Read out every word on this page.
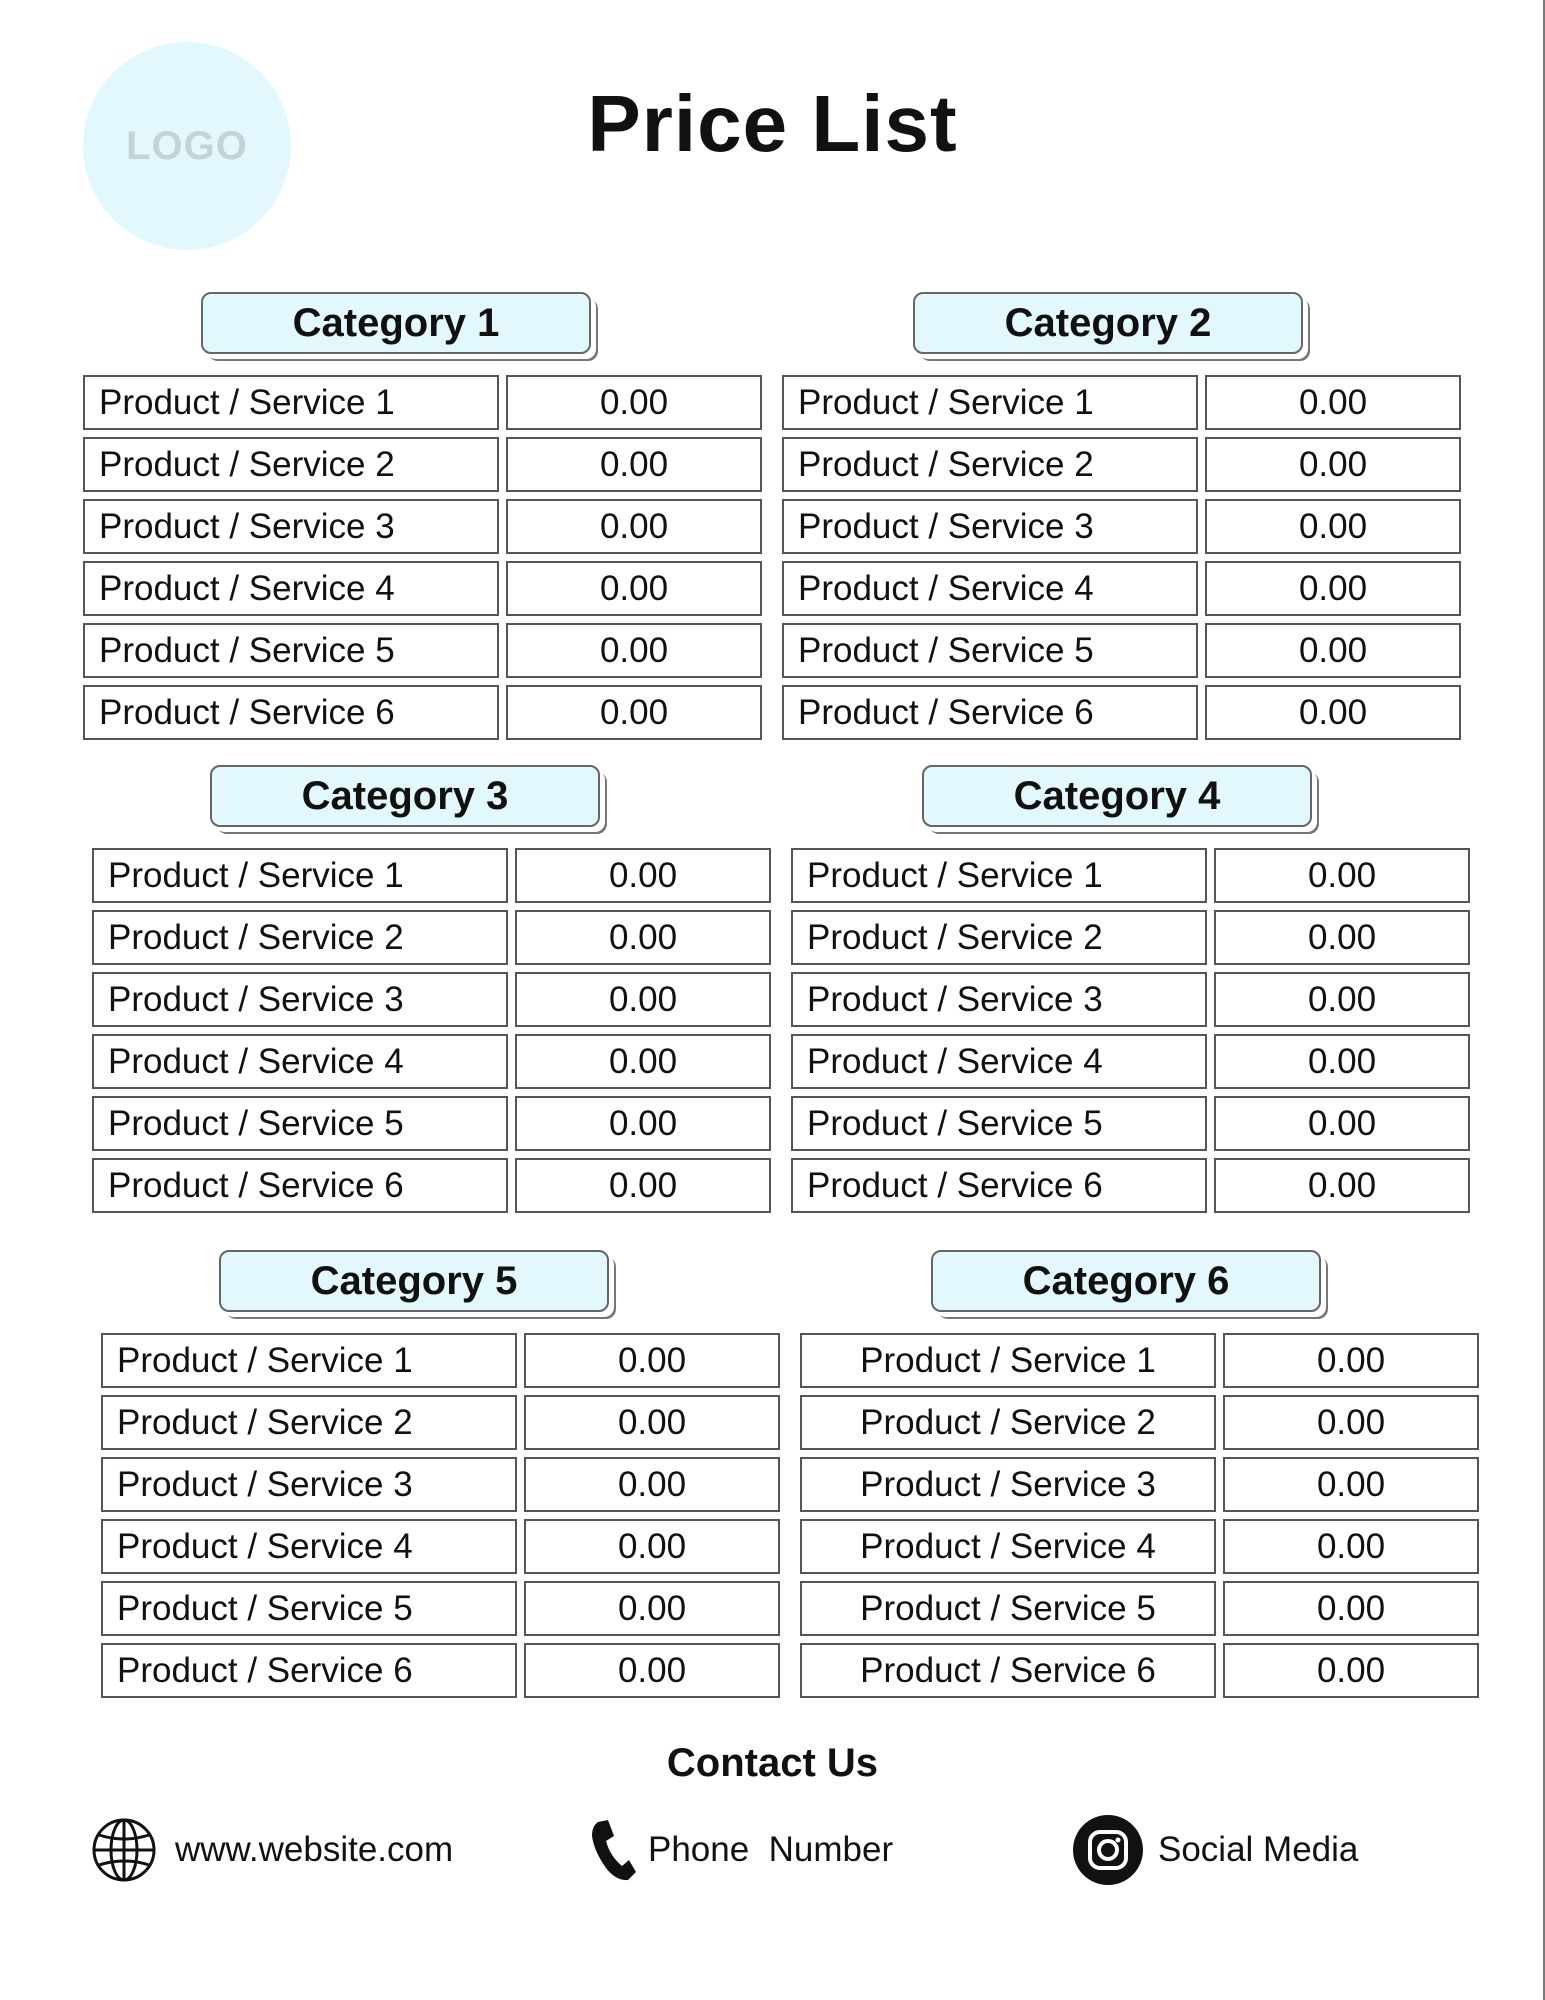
LOGO	Price List
Category 1
Product / Service 1	0.00
Product / Service 2	0.00
Product / Service 3	0.00
Product / Service 4	0.00
Product / Service 5	0.00
Product / Service 6	0.00
Category 2
Product / Service 1	0.00
Product / Service 2	0.00
Product / Service 3	0.00
Product / Service 4	0.00
Product / Service 5	0.00
Product / Service 6	0.00
Category 3
Product / Service 1	0.00
Product / Service 2	0.00
Product / Service 3	0.00
Product / Service 4	0.00
Product / Service 5	0.00
Product / Service 6	0.00
Category 4
Product / Service 1	0.00
Product / Service 2	0.00
Product / Service 3	0.00
Product / Service 4	0.00
Product / Service 5	0.00
Product / Service 6	0.00
Category 5
Product / Service 1	0.00
Product / Service 2	0.00
Product / Service 3	0.00
Product / Service 4	0.00
Product / Service 5	0.00
Product / Service 6	0.00
Category 6
Product / Service 1	0.00
Product / Service 2	0.00
Product / Service 3	0.00
Product / Service 4	0.00
Product / Service 5	0.00
Product / Service 6	0.00
Contact Us
www.website.com	Phone  Number	Social Media
